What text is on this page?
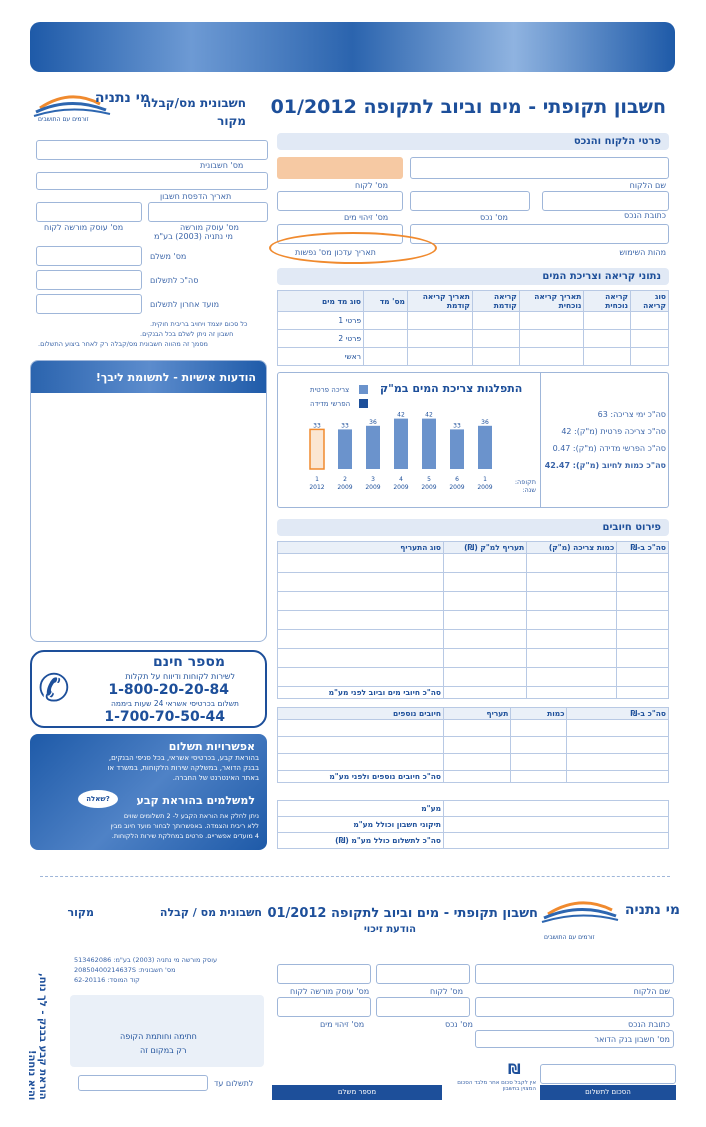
חשבון תקופתי - מים וביוב לתקופה 01/2012
מי נתניה
זורמים עם התושבים
חשבונית מס/קבלה
מקור
פרטי הלקוח והנכס
מס' לקוח	שם הלקוח
מס' זיהוי מים	מס' נכס	כתובת הנכס
מהות השימוש
תאריך עדכון מס' נפשות
מס' חשבונית
תאריך הדפסת חשבון
מס' עוסק מורשה
מי נתניה (2003) בע"מ
מס' עוסק מורשה לקוח
מס' משלם
סה"כ לתשלום
מועד אחרון לתשלום
כל סכום יוצמד ויחויב בריבית חוקית.
חשבון זה ניתן לשלם בכל הבנקים.
מסמך זה מהווה חשבונית מס/קבלה רק לאחר ביצוע התשלום.
הודעות אישיות - לתשומת ליבך!
✆
מספר חינם
לשירות לקוחות ודיווח על תקלות
1-800-20-20-84
תשלום בכרטיסי אשראי 24 שעות ביממה
1-700-70-50-44
אפשרויות תשלום
בהוראת קבע, בכרטיסי אשראי, בכל סניפי הבנקים,
בבנק הדואר, במשלקה שירות הלקוחות, במשרד או
באתר האינטרנט של החברה.
שאלה?	למשלמים בהוראת קבע
ניתן לחלק את הוראת הקבע ל- 2 תשלומים שווים
ללא ריבית והצמדה. באפשרותך לבחור מועד חיוב מבין
4 מועדים אפשריים. פרטים במחלקת שירות הלקוחות.
נתוני קריאה וצריכת המים
סוג מד מים	מס' מד	תאריך קריאה קודמת	קריאה קודמת	תאריך קריאה נוכחית	קריאה נוכחית	סוג קריאה
פרטי 1						
פרטי 2						
ראשי						
סה"כ ימי צריכה: 63
סה"כ צריכה פרטית (מ"ק): 42
סה"כ הפרשי מדידה (מ"ק): 0.47
סה"כ כמות לחיוב (מ"ק): 42.47
התפלגות צריכת המים במ"ק
צריכה פרטית
הפרשי מדידה
תקופה: שנה:
33
1
2012
33
2
2009
36
3
2009
42
4
2009
42
5
2009
33
6
2009
36
1
2009
פירוט חיובים
סוג התעריף	תעריף למ"ק (₪)	כמות צריכה (מ"ק)	סה"כ ב-₪

סה"כ חיובי מים וביוב לפני מע"מ			
חיובים נוספים	תעריף	כמות	סה"כ ב-₪

סה"כ חיובים נוספים ולפני מע"מ			
מע"מ	
תיקוני חשבון וכולל מע"מ	
סה"כ לתשלום כולל מע"מ (₪)	
מי נתניה
זורמים עם התושבים
חשבון תקופתי - מים וביוב לתקופה 01/2012
הודעת זיכוי
חשבונית מס / קבלה
מקור
שם הלקוח
מס' לקוח
מס' עוסק מורשה לקוח
כתובת הנכס
מס' נכס
מס' זיהוי מים
מס' חשבון בנק הדואר
עוסק מורשה מי נתניה (2003) בע"מ: 513462086
מס' חשבונית: 20850400214637S
קוד המוסד: 62-20116
חתימה וחותמת הקופה
רק במקום זה
לתשלום עד
הוראת קבע בבנק - לך נוח, והיא נוחה!	מספר משלם	הסכום לתשלום
אין לקבל סכום אחר מלבד הסכום המצוין בחשבון
₪
